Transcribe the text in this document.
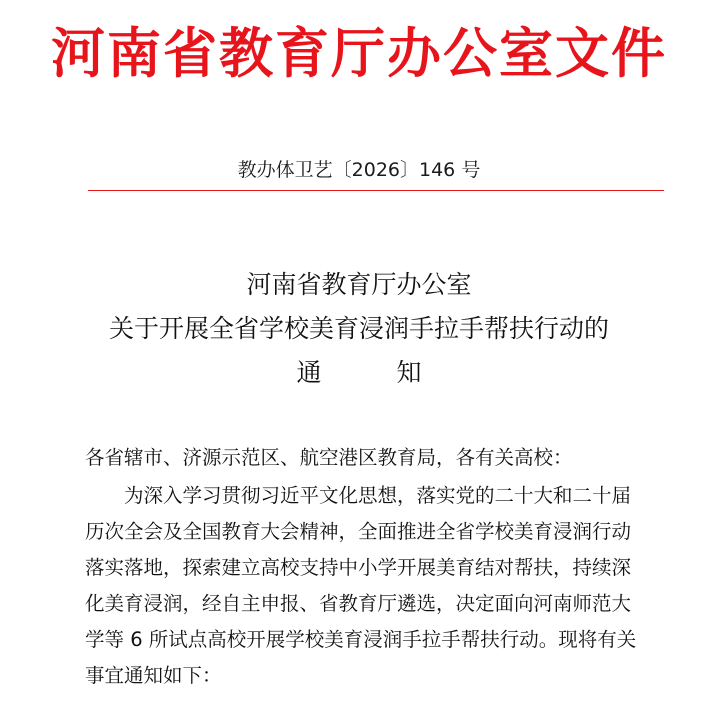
河南省教育厅办公室文件
教办体卫艺〔2026〕146 号
河南省教育厅办公室
关于开展全省学校美育浸润手拉手帮扶行动的
通	知
各省辖市、济源示范区、航空港区教育局，各有关高校：
　　为深入学习贯彻习近平文化思想，落实党的二十大和二十届
历次全会及全国教育大会精神，全面推进全省学校美育浸润行动
落实落地，探索建立高校支持中小学开展美育结对帮扶，持续深
化美育浸润，经自主申报、省教育厅遴选，决定面向河南师范大
学等 6 所试点高校开展学校美育浸润手拉手帮扶行动。现将有关
事宜通知如下：
